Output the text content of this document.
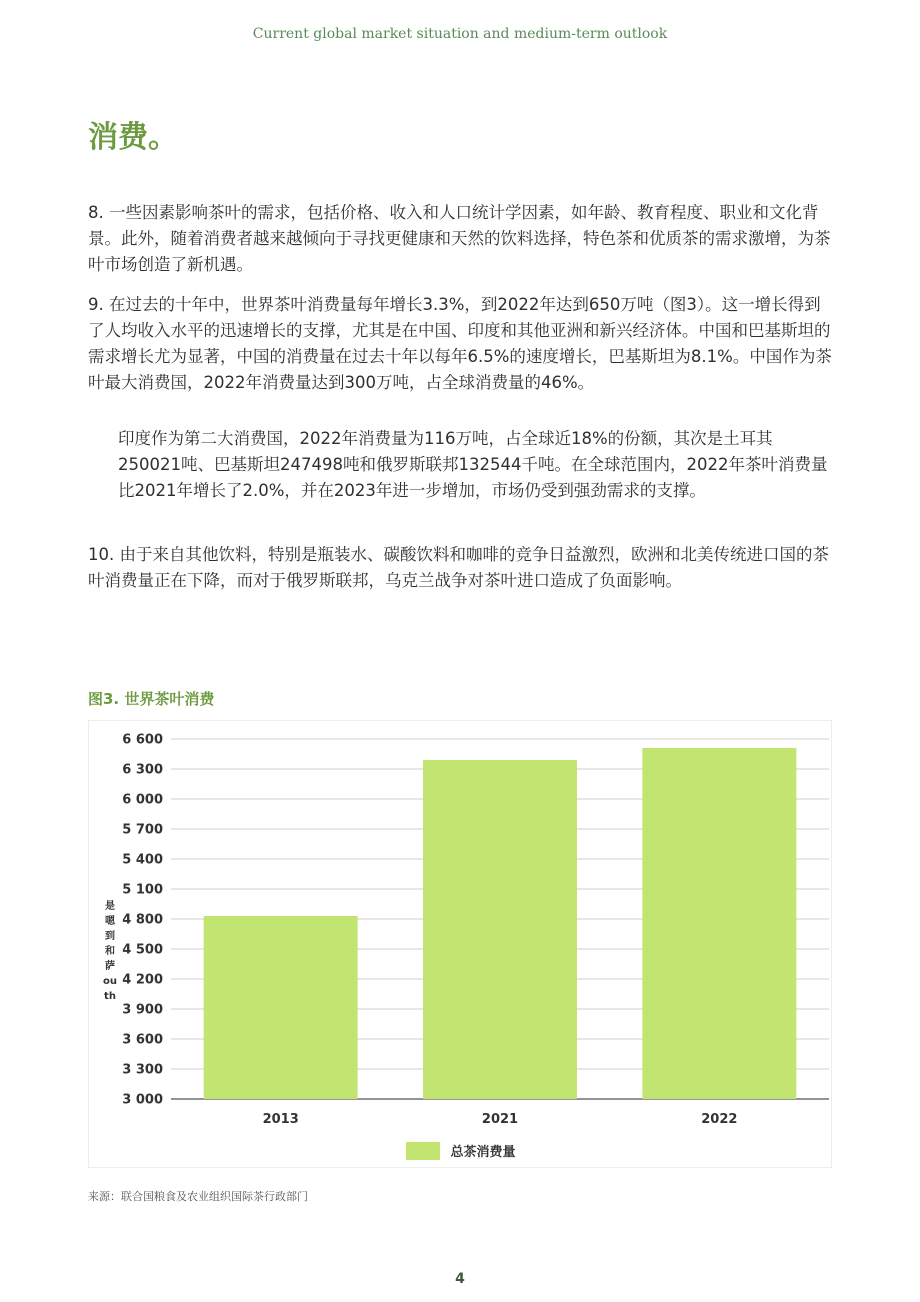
Current global market situation and medium-term outlook
消费。
8. 一些因素影响茶叶的需求，包括价格、收入和人口统计学因素，如年龄、教育程度、职业和文化背景。此外，随着消费者越来越倾向于寻找更健康和天然的饮料选择，特色茶和优质茶的需求激增，为茶叶市场创造了新机遇。
9. 在过去的十年中，世界茶叶消费量每年增长3.3%，到2022年达到650万吨（图3）。这一增长得到了人均收入水平的迅速增长的支撑，尤其是在中国、印度和其他亚洲和新兴经济体。中国和巴基斯坦的需求增长尤为显著，中国的消费量在过去十年以每年6.5%的速度增长，巴基斯坦为8.1%。中国作为茶叶最大消费国，2022年消费量达到300万吨，占全球消费量的46%。
印度作为第二大消费国，2022年消费量为116万吨，占全球近18%的份额，其次是土耳其250021吨、巴基斯坦247498吨和俄罗斯联邦132544千吨。在全球范围内，2022年茶叶消费量比2021年增长了2.0%，并在2023年进一步增加，市场仍受到强劲需求的支撑。
10. 由于来自其他饮料，特别是瓶装水、碳酸饮料和咖啡的竞争日益激烈，欧洲和北美传统进口国的茶叶消费量正在下降，而对于俄罗斯联邦，乌克兰战争对茶叶进口造成了负面影响。
图3. 世界茶叶消费
3 000
3 300
3 600
3 900
4 200
4 500
4 800
5 100
5 400
5 700
6 000
6 300
6 600
2013	2021	2022
是嗯到和萨ou th
总茶消费量
来源：联合国粮食及农业组织国际茶行政部门
4
